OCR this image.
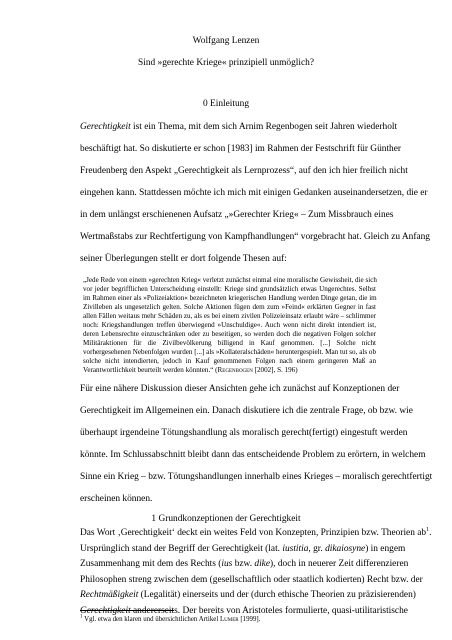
Wolfgang Lenzen
Sind »gerechte Kriege« prinzipiell unmöglich?
0 Einleitung
Gerechtigkeit ist ein Thema, mit dem sich Arnim Regenbogen seit Jahren wiederholt
beschäftigt hat. So diskutierte er schon [1983] im Rahmen der Festschrift für Günther
Freudenberg den Aspekt „Gerechtigkeit als Lernprozess“, auf den ich hier freilich nicht
eingehen kann. Stattdessen möchte ich mich mit einigen Gedanken auseinandersetzen, die er
in dem unlängst erschienenen Aufsatz „»Gerechter Krieg« – Zum Missbrauch eines
Wertmaßstabs zur Rechtfertigung von Kampfhandlungen“ vorgebracht hat. Gleich zu Anfang
seiner Überlegungen stellt er dort folgende Thesen auf:
„Jede Rede von einem »gerechten Krieg« verletzt zunächst einmal eine moralische Gewissheit, die sich
vor jeder begrifflichen Unterscheidung einstellt: Kriege sind grundsätzlich etwas Ungerechtes. Selbst
im Rahmen einer als »Polizeiaktion« bezeichneten kriegerischen Handlung werden Dinge getan, die im
Zivilleben als ungesetzlich gelten. Solche Aktionen fügen dem zum »Feind« erklärten Gegner in fast
allen Fällen weitaus mehr Schäden zu, als es bei einem zivilen Polizeieinsatz erlaubt wäre – schlimmer
noch: Kriegshandlungen treffen überwiegend »Unschuldige«. Auch wenn nicht direkt intendiert ist,
deren Lebensrechte einzuschränken oder zu beseitigen, so werden doch die negativen Folgen solcher
Militäraktionen für die Zivilbevölkerung billigend in Kauf genommen. [...] Solche nicht
vorhergesehenen Nebenfolgen wurden [...] als »Kollateralschäden« heruntergespielt. Man tut so, als ob
solche nicht intendierten, jedoch in Kauf genommenen Folgen nach einem geringeren Maß an
Verantwortlichkeit beurteilt werden könnten.“ (Regenbogen [2002], S. 196)
Für eine nähere Diskussion dieser Ansichten gehe ich zunächst auf Konzeptionen der
Gerechtigkeit im Allgemeinen ein. Danach diskutiere ich die zentrale Frage, ob bzw. wie
überhaupt irgendeine Tötungshandlung als moralisch gerecht(fertigt) eingestuft werden
könnte. Im Schlussabschnitt bleibt dann das entscheidende Problem zu erörtern, in welchem
Sinne ein Krieg – bzw. Tötungshandlungen innerhalb eines Krieges – moralisch gerechtfertigt
erscheinen können.
1 Grundkonzeptionen der Gerechtigkeit
Das Wort ‚Gerechtigkeit‘ deckt ein weites Feld von Konzepten, Prinzipien bzw. Theorien $ab^1$.
Ursprünglich stand der Begriff der Gerechtigkeit (lat. iustitia, gr. dikaiosyne) in engem
Zusammenhang mit dem des Rechts (ius bzw. dike), doch in neuerer Zeit differenzieren
Philosophen streng zwischen dem (gesellschaftlich oder staatlich kodierten) Recht bzw. der
Rechtmäßigkeit (Legalität) einerseits und der (durch ethische Theorien zu präzisierenden)
Gerechtigkeit andererseits. Der bereits von Aristoteles formulierte, quasi-utilitaristische
$^1$ Vgl. etwa den klaren und übersichtlichen Artikel Lumer [1999].
